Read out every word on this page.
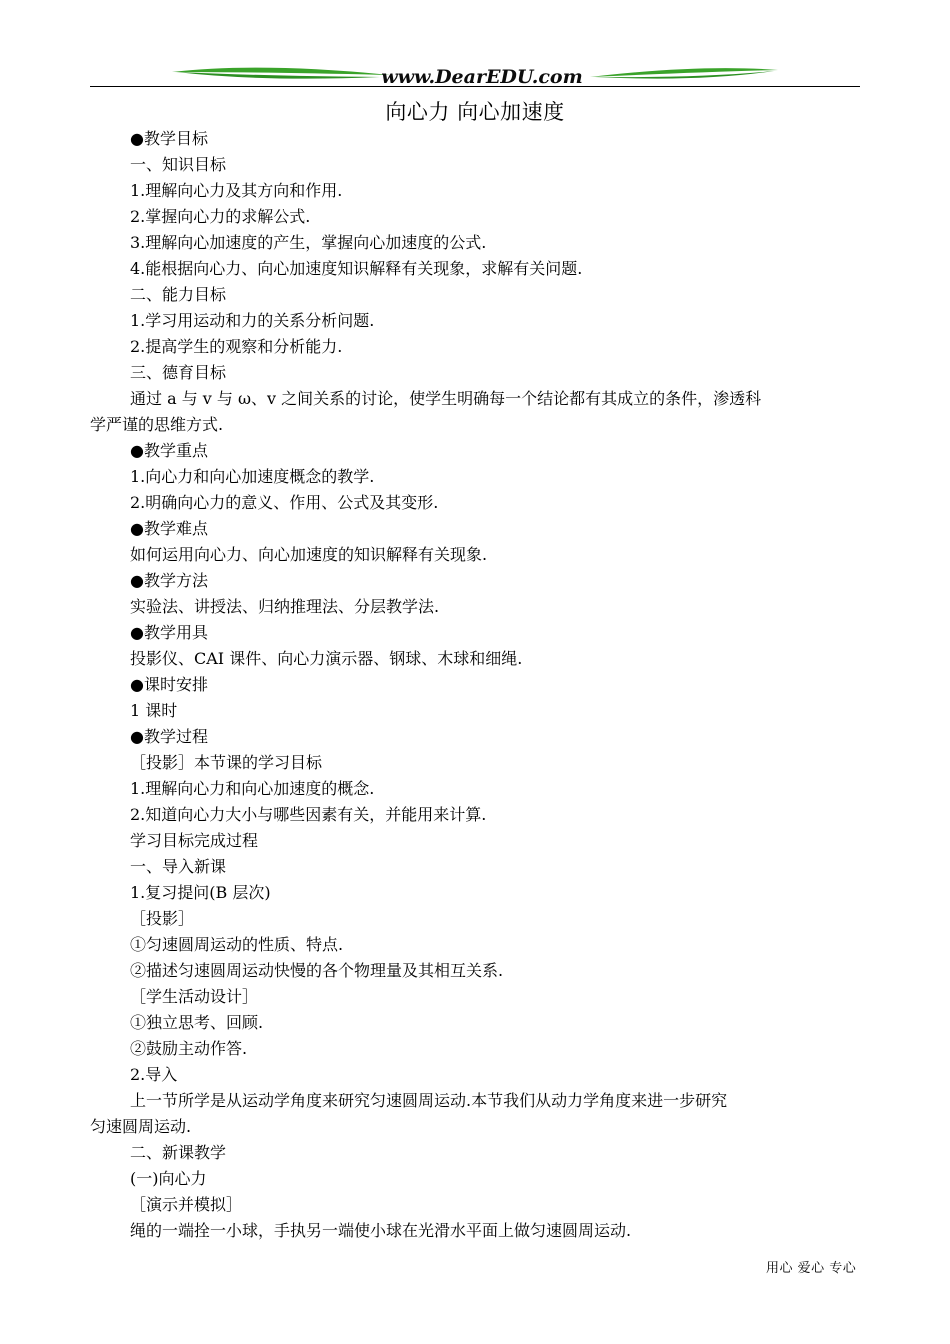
www.DearEDU.com
向心力 向心加速度
●教学目标
一、知识目标
1.理解向心力及其方向和作用.
2.掌握向心力的求解公式.
3.理解向心加速度的产生，掌握向心加速度的公式.
4.能根据向心力、向心加速度知识解释有关现象，求解有关问题.
二、能力目标
1.学习用运动和力的关系分析问题.
2.提高学生的观察和分析能力.
三、德育目标
通过 a 与 v 与 ω、v 之间关系的讨论，使学生明确每一个结论都有其成立的条件，渗透科
学严谨的思维方式.
●教学重点
1.向心力和向心加速度概念的教学.
2.明确向心力的意义、作用、公式及其变形.
●教学难点
如何运用向心力、向心加速度的知识解释有关现象.
●教学方法
实验法、讲授法、归纳推理法、分层教学法.
●教学用具
投影仪、CAI 课件、向心力演示器、钢球、木球和细绳.
●课时安排
1 课时
●教学过程
［投影］本节课的学习目标
1.理解向心力和向心加速度的概念.
2.知道向心力大小与哪些因素有关，并能用来计算.
学习目标完成过程
一、导入新课
1.复习提问(B 层次)
［投影］
①匀速圆周运动的性质、特点.
②描述匀速圆周运动快慢的各个物理量及其相互关系.
［学生活动设计］
①独立思考、回顾.
②鼓励主动作答.
2.导入
上一节所学是从运动学角度来研究匀速圆周运动.本节我们从动力学角度来进一步研究
匀速圆周运动.
二、新课教学
(一)向心力
［演示并模拟］
绳的一端拴一小球，手执另一端使小球在光滑水平面上做匀速圆周运动.
用心 爱心 专心
